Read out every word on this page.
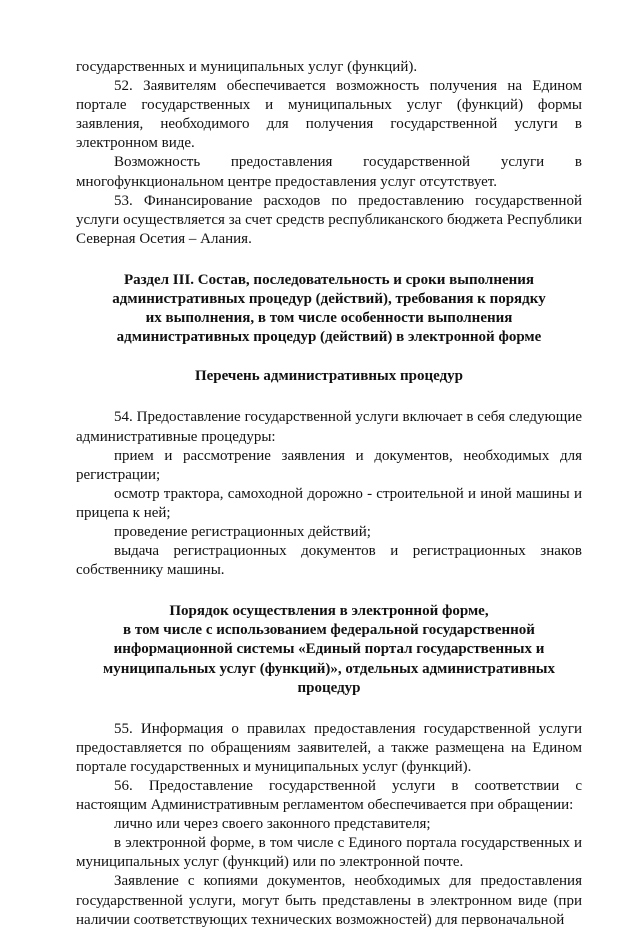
государственных и муниципальных услуг (функций).

52. Заявителям обеспечивается возможность получения на Едином портале государственных и муниципальных услуг (функций) формы заявления, необходимого для получения государственной услуги в электронном виде.

Возможность предоставления государственной услуги в многофункциональном центре предоставления услуг отсутствует.

53. Финансирование расходов по предоставлению государственной услуги осуществляется за счет средств республиканского бюджета Республики Северная Осетия – Алания.

Раздел III. Состав, последовательность и сроки выполнения
административных процедур (действий), требования к порядку
их выполнения, в том числе особенности выполнения
административных процедур (действий) в электронной форме
Перечень административных процедур

54. Предоставление государственной услуги включает в себя следующие административные процедуры:

прием и рассмотрение заявления и документов, необходимых для регистрации;

осмотр трактора, самоходной дорожно - строительной и иной машины и прицепа к ней;

проведение регистрационных действий;

выдача регистрационных документов и регистрационных знаков собственнику машины.

Порядок осуществления в электронной форме,
в том числе с использованием федеральной государственной
информационной системы «Единый портал государственных и
муниципальных услуг (функций)», отдельных административных
процедур

55. Информация о правилах предоставления государственной услуги предоставляется по обращениям заявителей, а также размещена на Едином портале государственных и муниципальных услуг (функций).

56. Предоставление государственной услуги в соответствии с настоящим Административным регламентом обеспечивается при обращении:

лично или через своего законного представителя;

в электронной форме, в том числе с Единого портала государственных и муниципальных услуг (функций) или по электронной почте.

Заявление с копиями документов, необходимых для предоставления государственной услуги, могут быть представлены в электронном виде (при наличии соответствующих технических возможностей) для первоначальной
